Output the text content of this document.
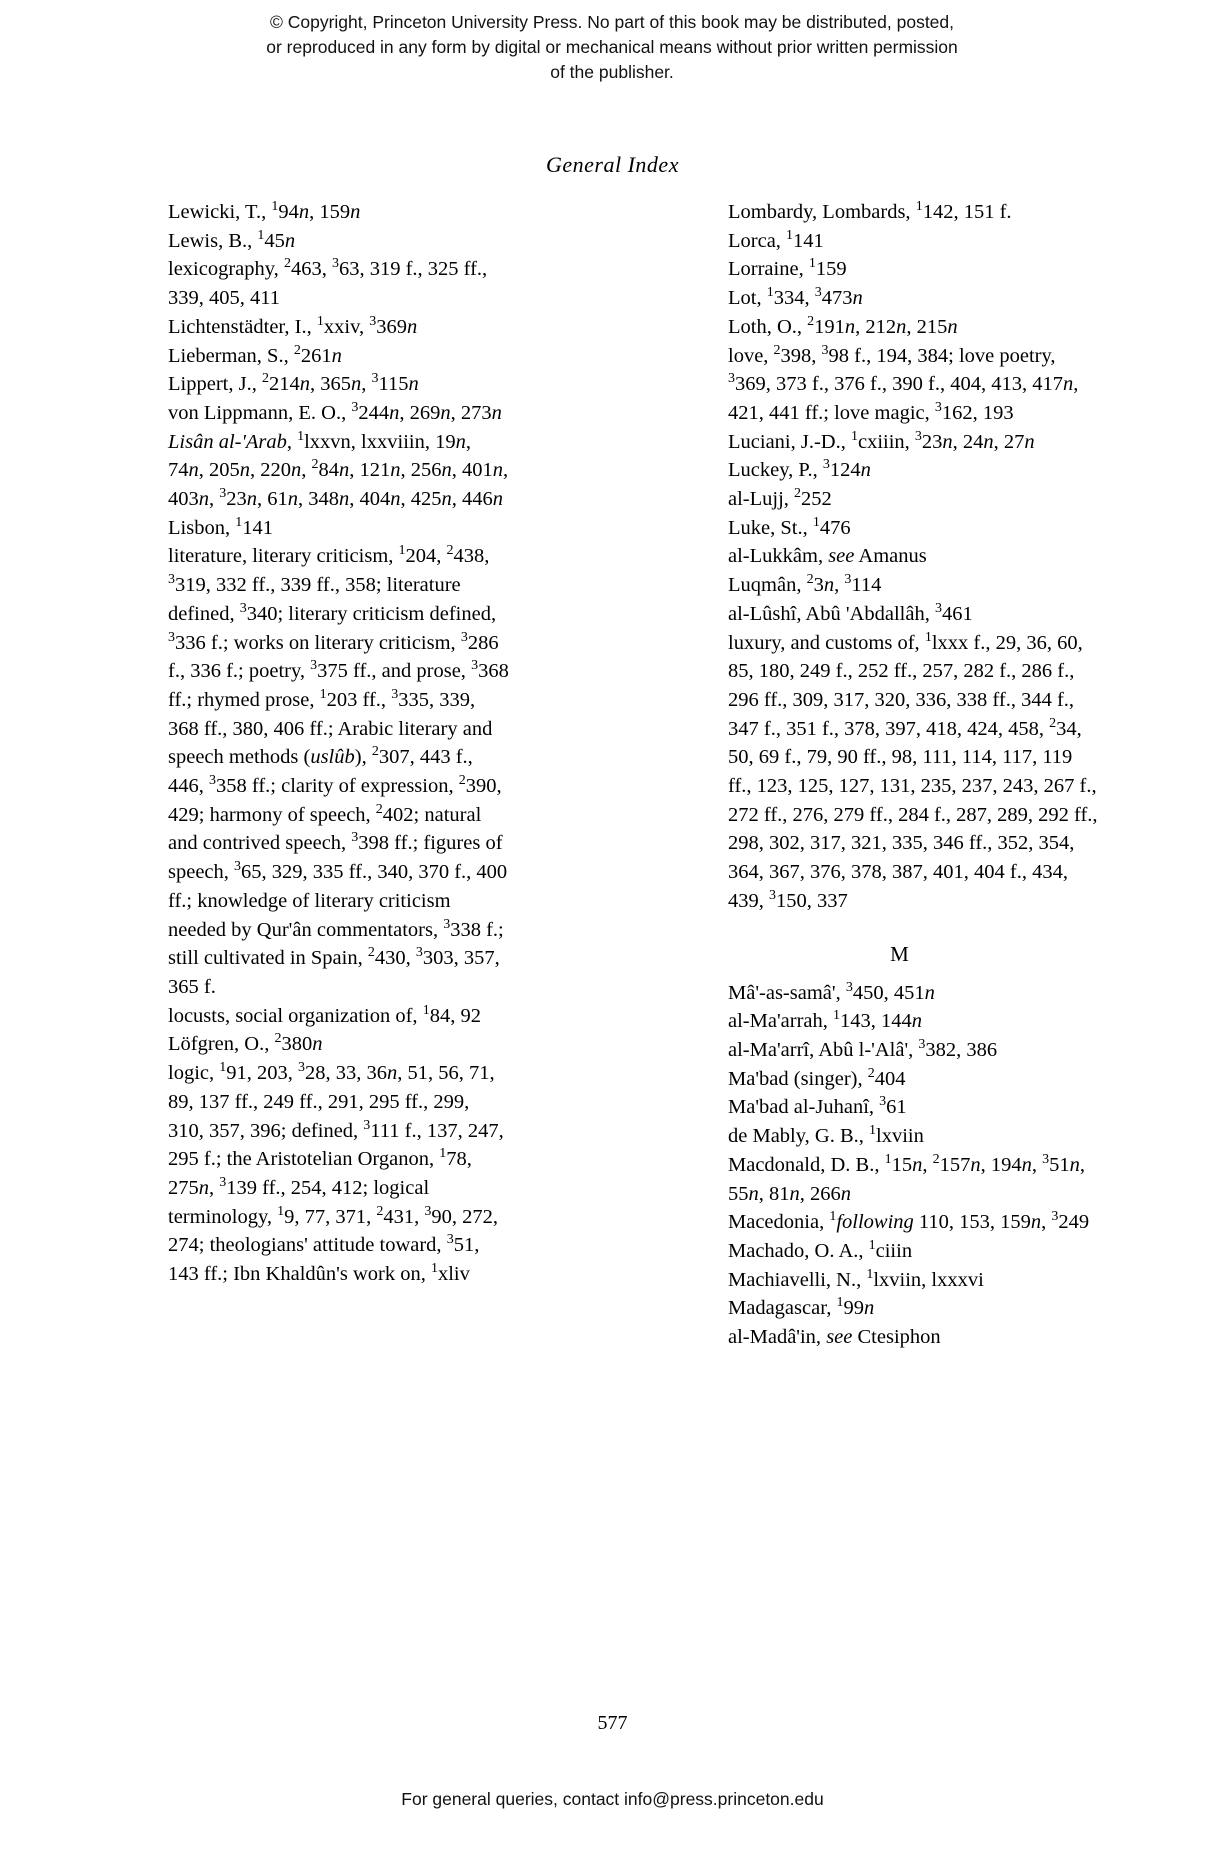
© Copyright, Princeton University Press. No part of this book may be distributed, posted, or reproduced in any form by digital or mechanical means without prior written permission of the publisher.
General Index
Lewicki, T., $^1$94n, 159n
Lewis, B., $^1$45n
lexicography, $^2$463, $^3$63, 319 f., 325 ff., 339, 405, 411
Lichtenstädter, I., $^1$xxiv, $^3$369n
Lieberman, S., $^2$261n
Lippert, J., $^2$214n, 365n, $^3$115n
von Lippmann, E. O., $^3$244n, 269n, 273n
Lisân al-'Arab, $^1$lxxvn, lxxviiin, 19n, 74n, 205n, 220n, $^2$84n, 121n, 256n, 401n, 403n, $^3$23n, 61n, 348n, 404n, 425n, 446n
Lisbon, $^1$141
literature, literary criticism, $^1$204, $^2$438, $^3$319, 332 ff., 339 ff., 358; literature defined, $^3$340; literary criticism defined, $^3$336 f.; works on literary criticism, $^3$286 f., 336 f.; poetry, $^3$375 ff., and prose, $^3$368 ff.; rhymed prose, $^1$203 ff., $^3$335, 339, 368 ff., 380, 406 ff.; Arabic literary and speech methods (uslûb), $^2$307, 443 f., 446, $^3$358 ff.; clarity of expression, $^2$390, 429; harmony of speech, $^2$402; natural and contrived speech, $^3$398 ff.; figures of speech, $^3$65, 329, 335 ff., 340, 370 f., 400 ff.; knowledge of literary criticism needed by Qur'ân commentators, $^3$338 f.; still cultivated in Spain, $^2$430, $^3$303, 357, 365 f.
locusts, social organization of, $^1$84, 92
Löfgren, O., $^2$380n
logic, $^1$91, 203, $^3$28, 33, 36n, 51, 56, 71, 89, 137 ff., 249 ff., 291, 295 ff., 299, 310, 357, 396; defined, $^3$111 f., 137, 247, 295 f.; the Aristotelian Organon, $^1$78, 275n, $^3$139 ff., 254, 412; logical terminology, $^1$9, 77, 371, $^2$431, $^3$90, 272, 274; theologians' attitude toward, $^3$51, 143 ff.; Ibn Khaldûn's work on, $^1$xliv
Lombardy, Lombards, $^1$142, 151 f.
Lorca, $^1$141
Lorraine, $^1$159
Lot, $^1$334, $^3$473n
Loth, O., $^2$191n, 212n, 215n
love, $^2$398, $^3$98 f., 194, 384; love poetry, $^3$369, 373 f., 376 f., 390 f., 404, 413, 417n, 421, 441 ff.; love magic, $^3$162, 193
Luciani, J.-D., $^1$cxiiin, $^3$23n, 24n, 27n
Luckey, P., $^3$124n
al-Lujj, $^2$252
Luke, St., $^1$476
al-Lukkâm, see Amanus
Luqmân, $^2$3n, $^3$114
al-Lûshî, Abû 'Abdallâh, $^3$461
luxury, and customs of, $^1$lxxx f., 29, 36, 60, 85, 180, 249 f., 252 ff., 257, 282 f., 286 f., 296 ff., 309, 317, 320, 336, 338 ff., 344 f., 347 f., 351 f., 378, 397, 418, 424, 458, $^2$34, 50, 69 f., 79, 90 ff., 98, 111, 114, 117, 119 ff., 123, 125, 127, 131, 235, 237, 243, 267 f., 272 ff., 276, 279 ff., 284 f., 287, 289, 292 ff., 298, 302, 317, 321, 335, 346 ff., 352, 354, 364, 367, 376, 378, 387, 401, 404 f., 434, 439, $^3$150, 337
M
Mâ'-as-samâ', $^3$450, 451n
al-Ma'arrah, $^1$143, 144n
al-Ma'arrî, Abû l-'Alâ', $^3$382, 386
Ma'bad (singer), $^2$404
Ma'bad al-Juhanî, $^3$61
de Mably, G. B., $^1$lxviin
Macdonald, D. B., $^1$15n, $^2$157n, 194n, $^3$51n, 55n, 81n, 266n
Macedonia, $^1$following 110, 153, 159n, $^3$249
Machado, O. A., $^1$ciiin
Machiavelli, N., $^1$lxviin, lxxxvi
Madagascar, $^1$99n
al-Madâ'in, see Ctesiphon
577
For general queries, contact info@press.princeton.edu
